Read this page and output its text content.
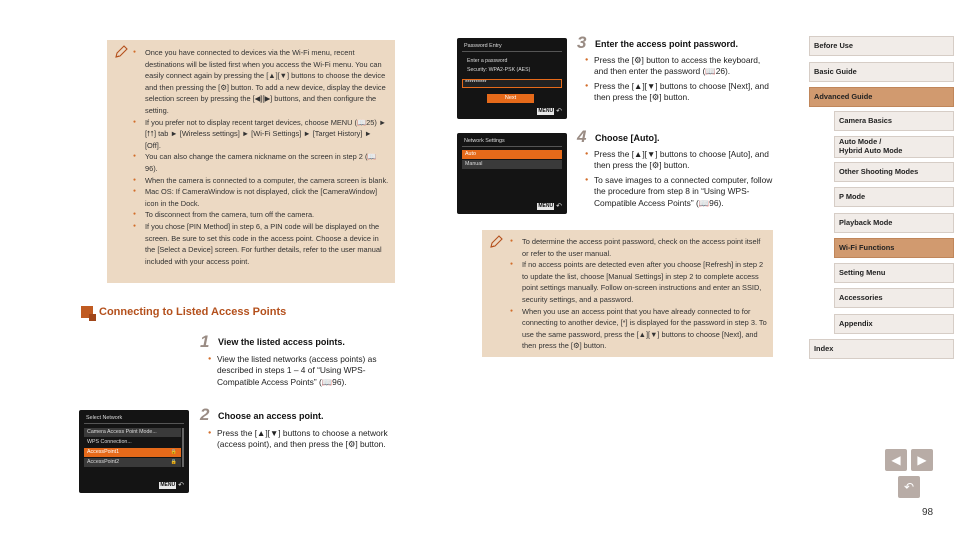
● Once you have connected to devices via the Wi-Fi menu, recent destinations will be listed first when you access the Wi-Fi menu. You can easily connect again by pressing the [▲][▼] buttons to choose the device and then pressing the [⚙] button. To add a new device, display the device selection screen by pressing the [◀][▶] buttons, and then configure the setting.
● If you prefer not to display recent target devices, choose MENU (📖25) ► [⭡⭡] tab ► [Wireless settings] ► [Wi-Fi Settings] ► [Target History] ► [Off].
● You can also change the camera nickname on the screen in step 2 (📖96).
● When the camera is connected to a computer, the camera screen is blank.
● Mac OS: If CameraWindow is not displayed, click the [CameraWindow] icon in the Dock.
● To disconnect from the camera, turn off the camera.
● If you chose [PIN Method] in step 6, a PIN code will be displayed on the screen. Be sure to set this code in the access point. Choose a device in the [Select a Device] screen. For further details, refer to the user manual included with your access point.
Connecting to Listed Access Points
1 View the listed access points.
● View the listed networks (access points) as described in steps 1 – 4 of “Using WPS-Compatible Access Points” (📖96).
2 Choose an access point.
● Press the [▲][▼] buttons to choose a network (access point), and then press the [⚙] button.
Select Network
Camera Access Point Mode...
WPS Connection...
AccessPoint1	🔒
AccessPoint2	🔒
MENU ↶
Password Entry
Enter a password
Security: WPA2-PSK (AES)
**********
Next
MENU ↶
Network Settings
Auto
Manual
MENU ↶
3 Enter the access point password.
● Press the [⚙] button to access the keyboard, and then enter the password (📖26).
● Press the [▲][▼] buttons to choose [Next], and then press the [⚙] button.
4 Choose [Auto].
● Press the [▲][▼] buttons to choose [Auto], and then press the [⚙] button.
● To save images to a connected computer, follow the procedure from step 8 in “Using WPS-Compatible Access Points” (📖96).
● To determine the access point password, check on the access point itself or refer to the user manual.
● If no access points are detected even after you choose [Refresh] in step 2 to update the list, choose [Manual Settings] in step 2 to complete access point settings manually. Follow on-screen instructions and enter an SSID, security settings, and a password.
● When you use an access point that you have already connected to for connecting to another device, [*] is displayed for the password in step 3. To use the same password, press the [▲][▼] buttons to choose [Next], and then press the [⚙] button.
Before Use
Basic Guide
Advanced Guide
Camera Basics
Auto Mode /
Hybrid Auto Mode
Other Shooting Modes
P Mode
Playback Mode
Wi-Fi Functions
Setting Menu
Accessories
Appendix
Index
◀	▶
↶
98
